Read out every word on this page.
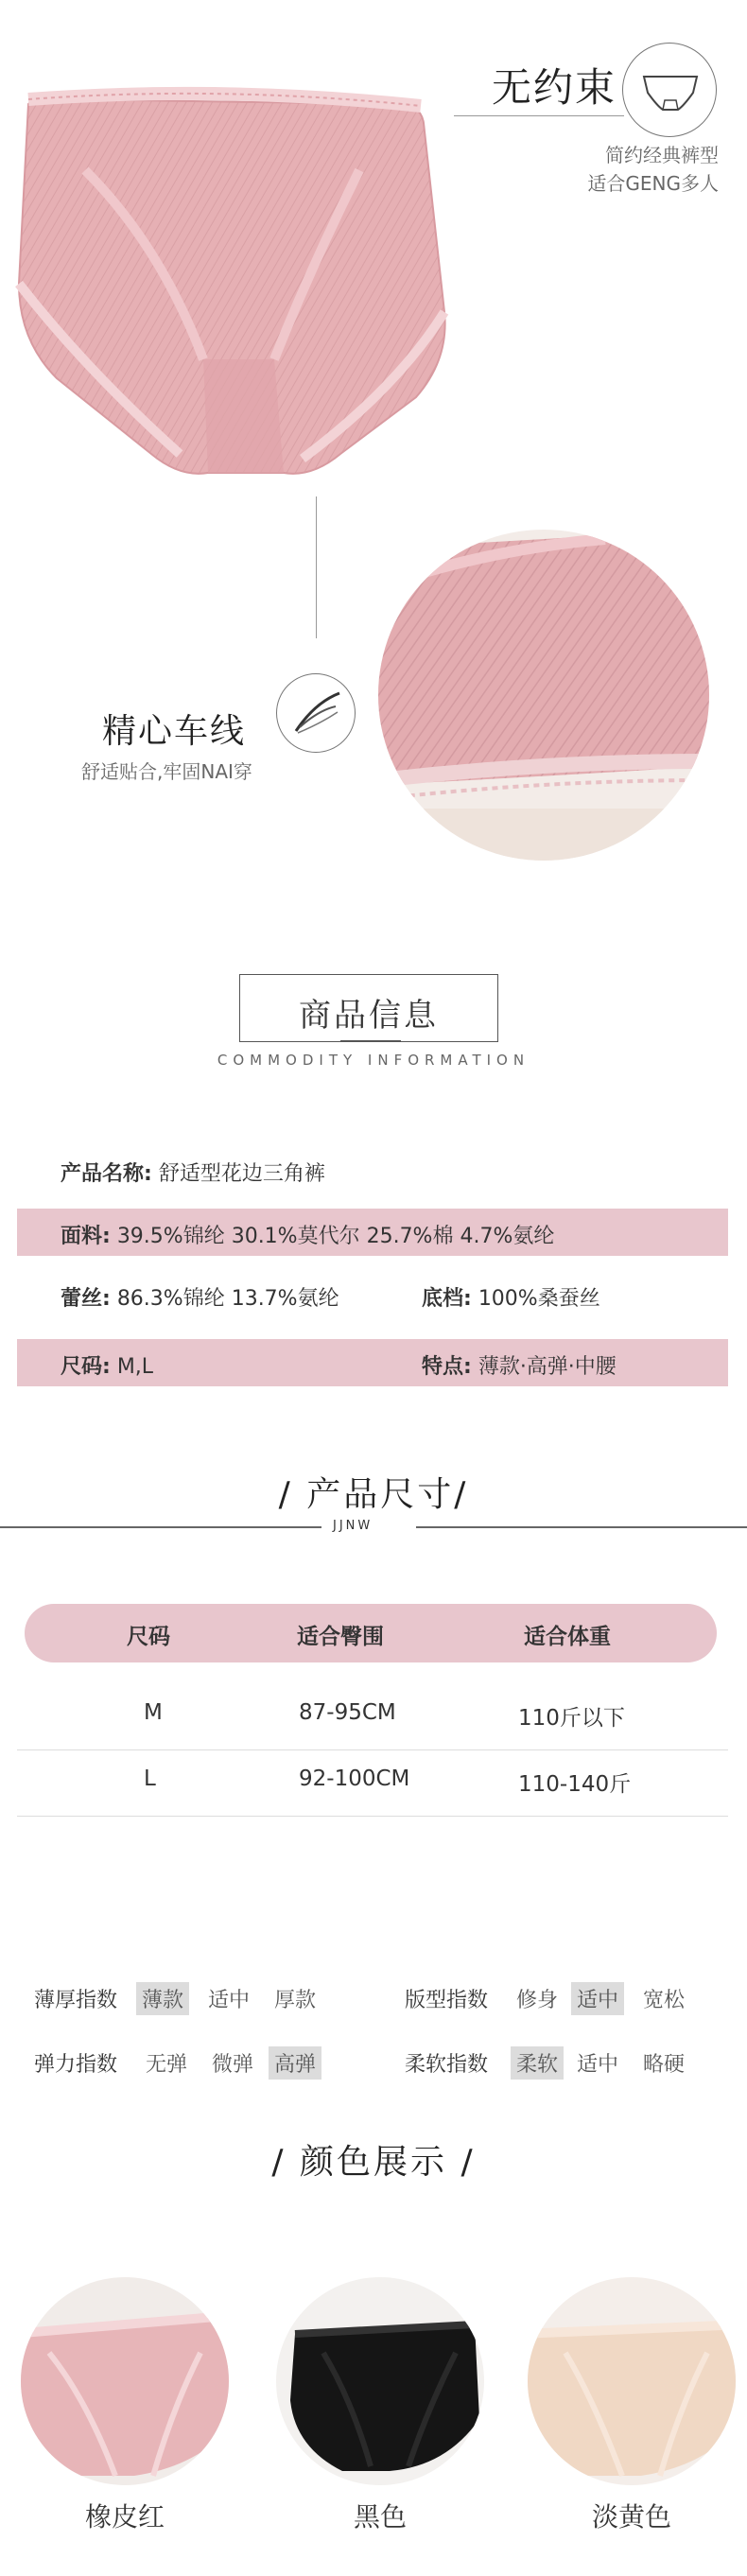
无约束
简约经典裤型
适合GENG多人
精心车线
舒适贴合,牢固NAI穿
商品信息
COMMODITY INFORMATION
产品名称: 舒适型花边三角裤
面料: 39.5%锦纶 30.1%莫代尔 25.7%棉 4.7%氨纶
蕾丝: 86.3%锦纶 13.7%氨纶	底档: 100%桑蚕丝
尺码: M,L	特点: 薄款·高弹·中腰
/ 产品尺寸/
JJNW
尺码	适合臀围	适合体重
M	87-95CM	110斤以下
L	92-100CM	110-140斤
薄厚指数 薄款 适中 厚款	版型指数 修身 适中 宽松
弹力指数 无弹 微弹 高弹	柔软指数 柔软 适中 略硬
/ 颜色展示 /
橡皮红	黑色	淡黄色
